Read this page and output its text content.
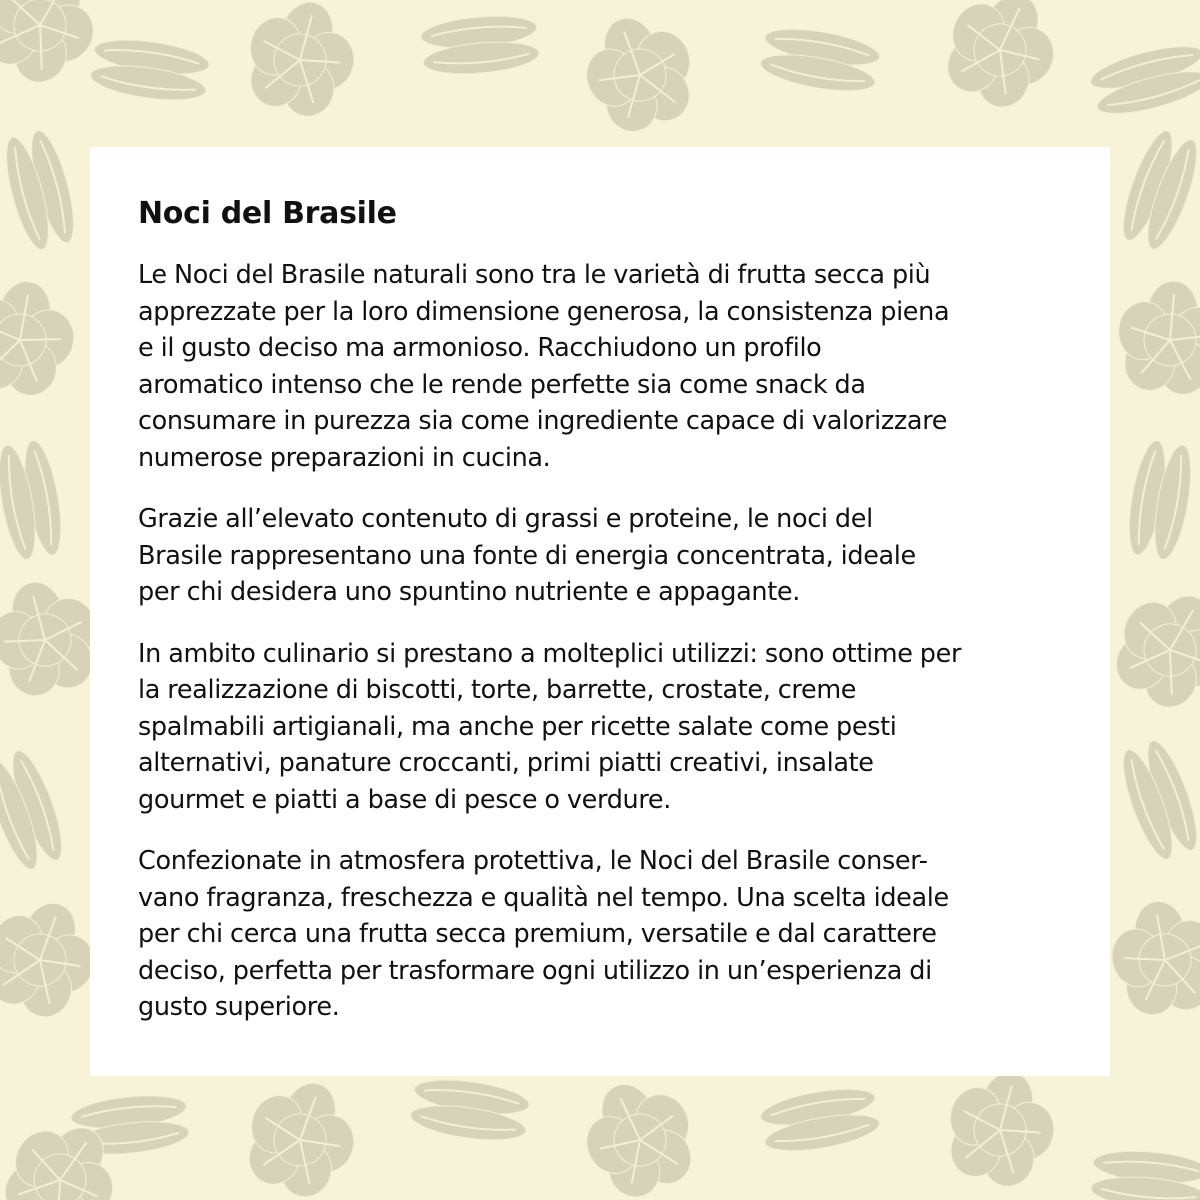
Noci del Brasile

Le Noci del Brasile naturali sono tra le varietà di frutta secca più
apprezzate per la loro dimensione generosa, la consistenza piena
e il gusto deciso ma armonioso. Racchiudono un profilo
aromatico intenso che le rende perfette sia come snack da
consumare in purezza sia come ingrediente capace di valorizzare
numerose preparazioni in cucina.

Grazie all’elevato contenuto di grassi e proteine, le noci del
Brasile rappresentano una fonte di energia concentrata, ideale
per chi desidera uno spuntino nutriente e appagante.

In ambito culinario si prestano a molteplici utilizzi: sono ottime per
la realizzazione di biscotti, torte, barrette, crostate, creme
spalmabili artigianali, ma anche per ricette salate come pesti
alternativi, panature croccanti, primi piatti creativi, insalate
gourmet e piatti a base di pesce o verdure.

Confezionate in atmosfera protettiva, le Noci del Brasile conser-
vano fragranza, freschezza e qualità nel tempo. Una scelta ideale
per chi cerca una frutta secca premium, versatile e dal carattere
deciso, perfetta per trasformare ogni utilizzo in un’esperienza di
gusto superiore.
